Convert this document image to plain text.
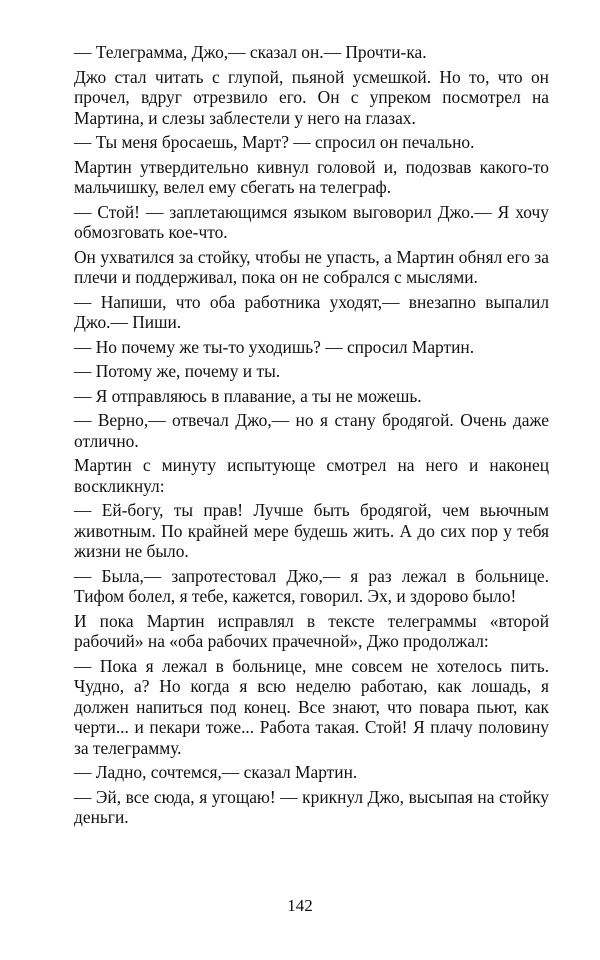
— Телеграмма, Джо,— сказал он.— Прочти-ка.

Джо стал читать с глупой, пьяной усмешкой. Но то, что он прочел, вдруг отрезвило его. Он с упреком посмотрел на Мартина, и слезы заблестели у него на глазах.

— Ты меня бросаешь, Март? — спросил он печально.

Мартин утвердительно кивнул головой и, подозвав какого-то мальчишку, велел ему сбегать на телеграф.

— Стой! — заплетающимся языком выговорил Джо.— Я хочу обмозговать кое-что.

Он ухватился за стойку, чтобы не упасть, а Мартин обнял его за плечи и поддерживал, пока он не собрался с мыслями.

— Напиши, что оба работника уходят,— внезапно выпалил Джо.— Пиши.

— Но почему же ты-то уходишь? — спросил Мартин.

— Потому же, почему и ты.

— Я отправляюсь в плавание, а ты не можешь.

— Верно,— отвечал Джо,— но я стану бродягой. Очень даже отлично.

Мартин с минуту испытующе смотрел на него и наконец воскликнул:

— Ей-богу, ты прав! Лучше быть бродягой, чем вьючным животным. По крайней мере будешь жить. А до сих пор у тебя жизни не было.

— Была,— запротестовал Джо,— я раз лежал в больнице. Тифом болел, я тебе, кажется, говорил. Эх, и здорово было!

И пока Мартин исправлял в тексте телеграммы «второй рабочий» на «оба рабочих прачечной», Джо продолжал:

— Пока я лежал в больнице, мне совсем не хотелось пить. Чудно, а? Но когда я всю неделю работаю, как лошадь, я должен напиться под конец. Все знают, что повара пьют, как черти... и пекари тоже... Работа такая. Стой! Я плачу половину за телеграмму.

— Ладно, сочтемся,— сказал Мартин.

— Эй, все сюда, я угощаю! — крикнул Джо, высыпая на стойку деньги.

142
